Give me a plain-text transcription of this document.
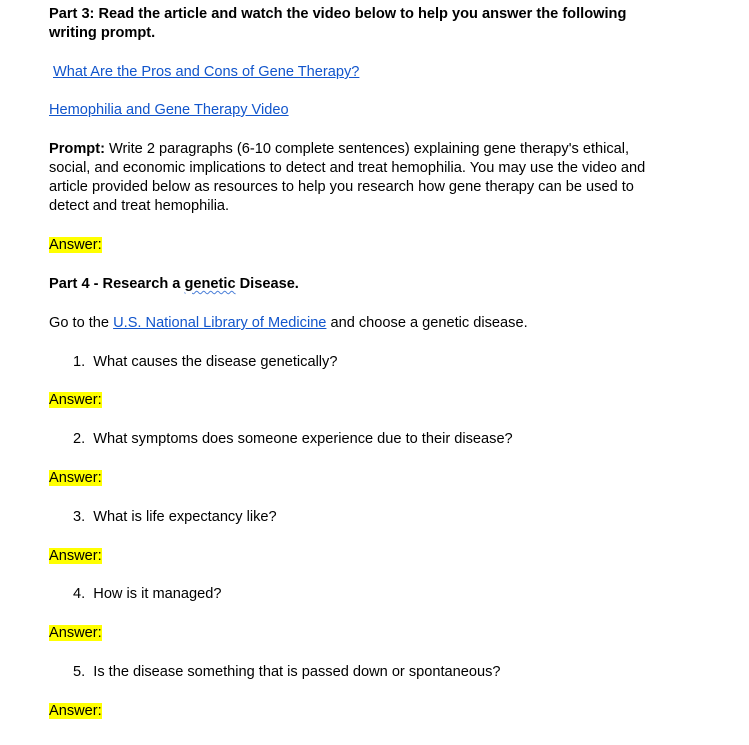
Part 3: Read the article and watch the video below to help you answer the following
writing prompt.
What Are the Pros and Cons of Gene Therapy?
Hemophilia and Gene Therapy Video
Prompt: Write 2 paragraphs (6-10 complete sentences) explaining gene therapy's ethical,
social, and economic implications to detect and treat hemophilia. You may use the video and
article provided below as resources to help you research how gene therapy can be used to
detect and treat hemophilia.
Answer:
Part 4 - Research a genetic Disease.
Go to the U.S. National Library of Medicine and choose a genetic disease.
1. What causes the disease genetically?
Answer:
2. What symptoms does someone experience due to their disease?
Answer:
3. What is life expectancy like?
Answer:
4. How is it managed?
Answer:
5. Is the disease something that is passed down or spontaneous?
Answer:
